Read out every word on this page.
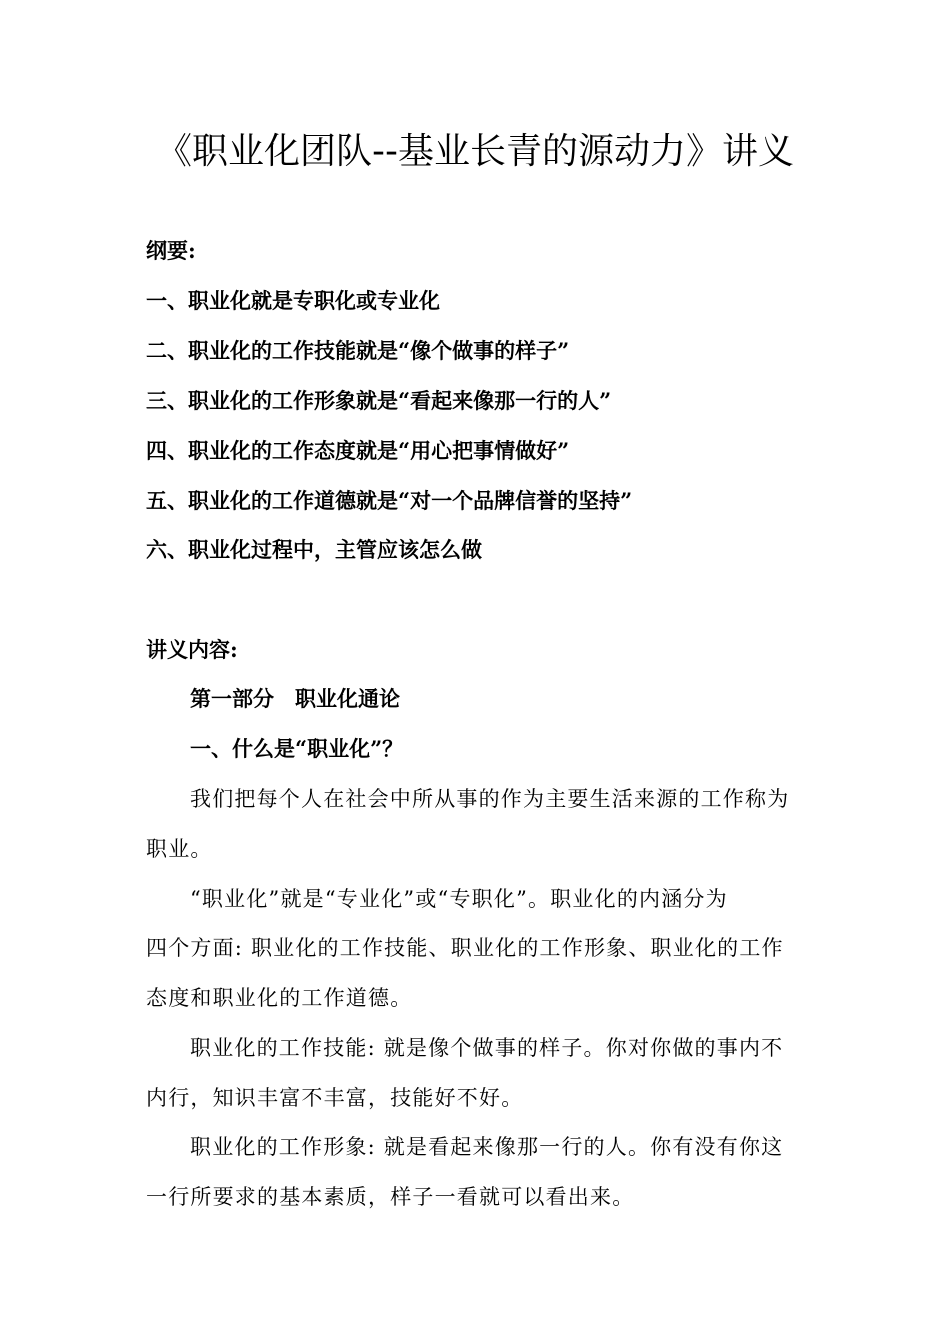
《职业化团队--基业长青的源动力》讲义
纲要:
一、职业化就是专职化或专业化
二、职业化的工作技能就是“像个做事的样子”
三、职业化的工作形象就是“看起来像那一行的人”
四、职业化的工作态度就是“用心把事情做好”
五、职业化的工作道德就是“对一个品牌信誉的坚持”
六、职业化过程中，主管应该怎么做
讲义内容:
第一部分　职业化通论
一、什么是“职业化”？
我们把每个人在社会中所从事的作为主要生活来源的工作称为
职业。
“职业化”就是“专业化”或“专职化”。职业化的内涵分为
四个方面: 职业化的工作技能、职业化的工作形象、职业化的工作
态度和职业化的工作道德。
职业化的工作技能: 就是像个做事的样子。你对你做的事内不
内行，知识丰富不丰富，技能好不好。
职业化的工作形象: 就是看起来像那一行的人。你有没有你这
一行所要求的基本素质，样子一看就可以看出来。
